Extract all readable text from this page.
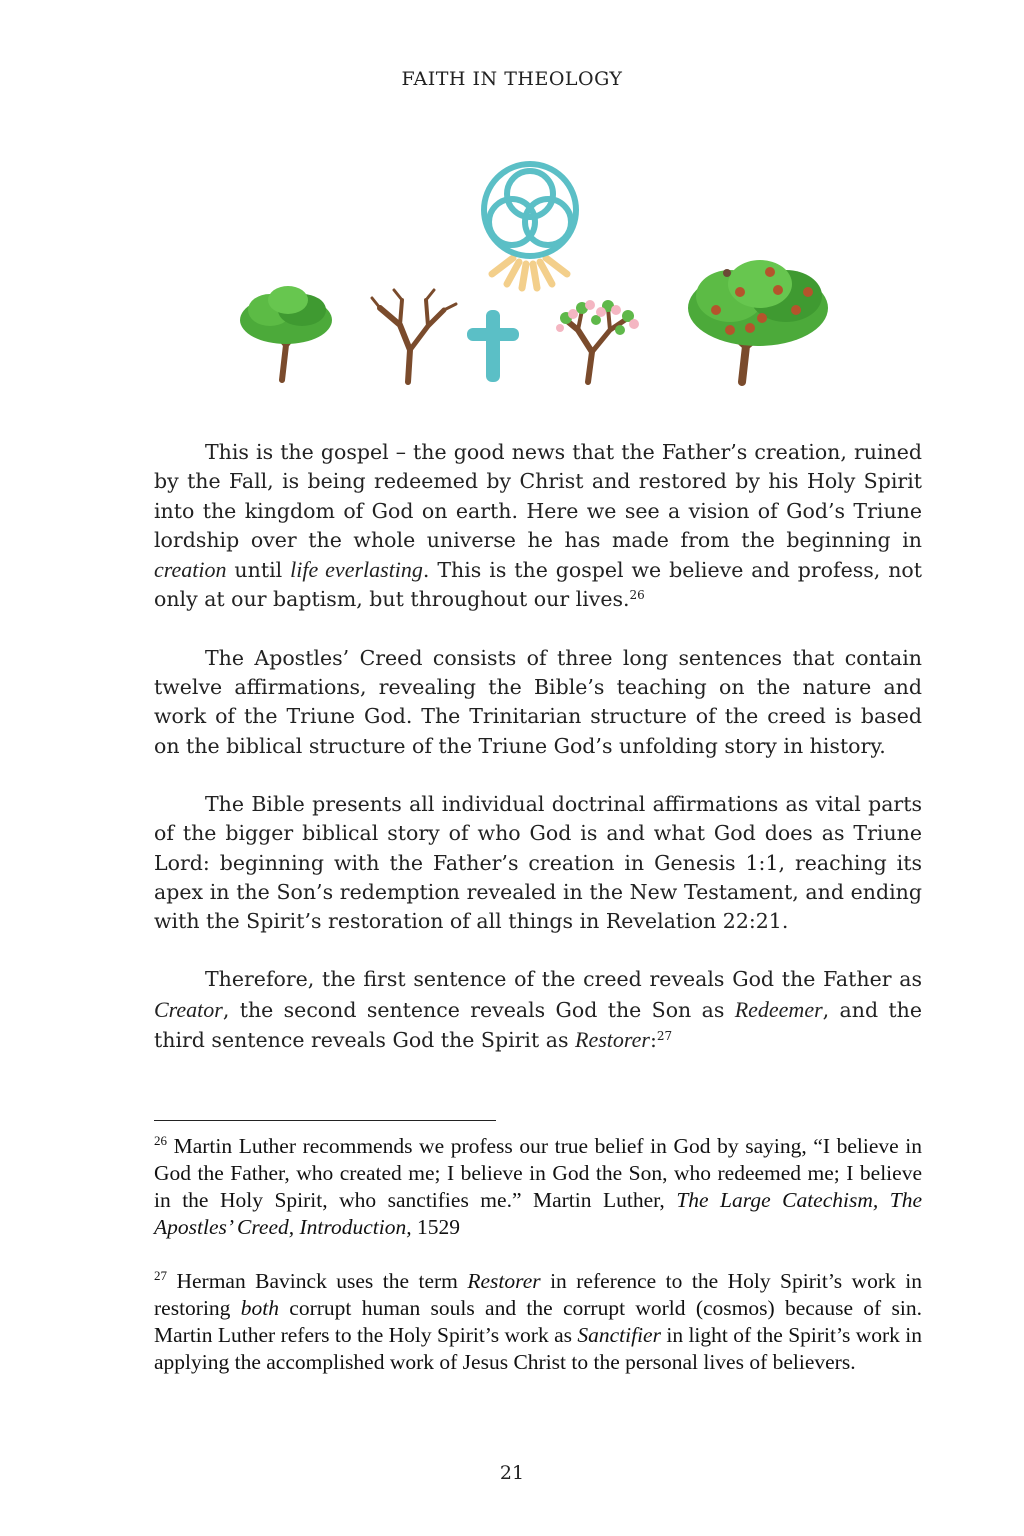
FAITH IN THEOLOGY

This is the gospel – the good news that the Father’s creation, ruined by the Fall, is being redeemed by Christ and restored by his Holy Spirit into the kingdom of God on earth. Here we see a vision of God’s Triune lordship over the whole universe he has made from the beginning in creation until life everlasting. This is the gospel we believe and profess, not only at our baptism, but throughout our lives.$^{26}$

The Apostles’ Creed consists of three long sentences that contain twelve affirmations, revealing the Bible’s teaching on the nature and work of the Triune God. The Trinitarian structure of the creed is based on the biblical structure of the Triune God’s unfolding story in history.

The Bible presents all individual doctrinal affirmations as vital parts of the bigger biblical story of who God is and what God does as Triune Lord: beginning with the Father’s creation in Genesis 1:1, reaching its apex in the Son’s redemption revealed in the New Testament, and ending with the Spirit’s restoration of all things in Revelation 22:21.

Therefore, the first sentence of the creed reveals God the Father as Creator, the second sentence reveals God the Son as Redeemer, and the third sentence reveals God the Spirit as Restorer:$^{27}$

$^{26}$ Martin Luther recommends we profess our true belief in God by saying, “I believe in God the Father, who created me; I believe in God the Son, who redeemed me; I believe in the Holy Spirit, who sanctifies me.” Martin Luther, The Large Catechism, The Apostles’ Creed, Introduction, 1529

$^{27}$ Herman Bavinck uses the term Restorer in reference to the Holy Spirit’s work in restoring both corrupt human souls and the corrupt world (cosmos) because of sin. Martin Luther refers to the Holy Spirit’s work as Sanctifier in light of the Spirit’s work in applying the accomplished work of Jesus Christ to the personal lives of believers.

21
